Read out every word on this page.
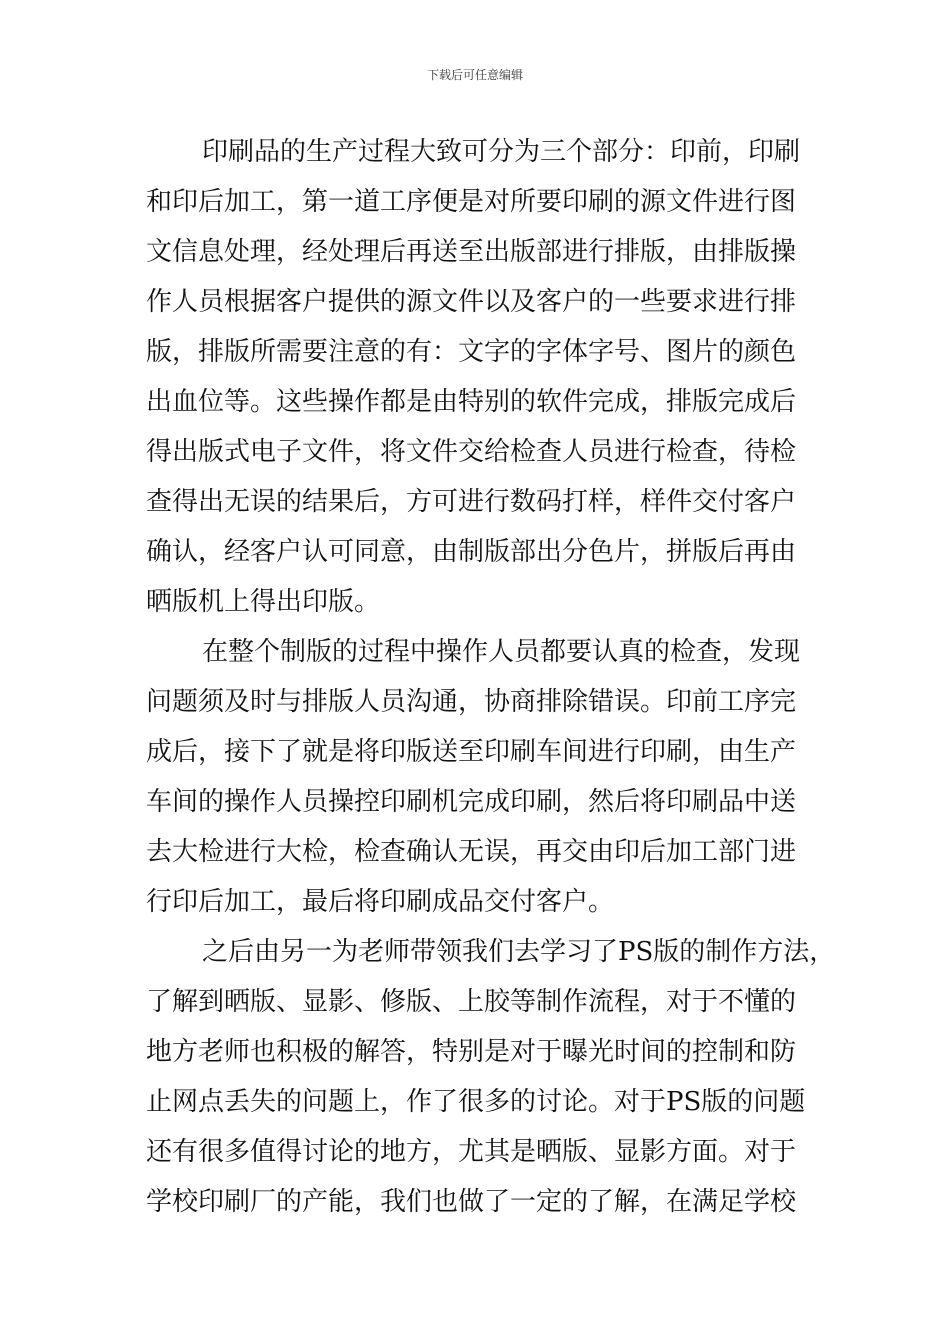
下载后可任意编辑
印刷品的生产过程大致可分为三个部分：印前，印刷
和印后加工，第一道工序便是对所要印刷的源文件进行图
文信息处理，经处理后再送至出版部进行排版，由排版操
作人员根据客户提供的源文件以及客户的一些要求进行排
版，排版所需要注意的有：文字的字体字号、图片的颜色
出血位等。这些操作都是由特别的软件完成，排版完成后
得出版式电子文件，将文件交给检查人员进行检查，待检
查得出无误的结果后，方可进行数码打样，样件交付客户
确认，经客户认可同意，由制版部出分色片，拼版后再由
晒版机上得出印版。
在整个制版的过程中操作人员都要认真的检查，发现
问题须及时与排版人员沟通，协商排除错误。印前工序完
成后，接下了就是将印版送至印刷车间进行印刷，由生产
车间的操作人员操控印刷机完成印刷，然后将印刷品中送
去大检进行大检，检查确认无误，再交由印后加工部门进
行印后加工，最后将印刷成品交付客户。
之后由另一为老师带领我们去学习了PS版的制作方法，
了解到晒版、显影、修版、上胶等制作流程，对于不懂的
地方老师也积极的解答，特别是对于曝光时间的控制和防
止网点丢失的问题上，作了很多的讨论。对于PS版的问题
还有很多值得讨论的地方，尤其是晒版、显影方面。对于
学校印刷厂的产能，我们也做了一定的了解，在满足学校
